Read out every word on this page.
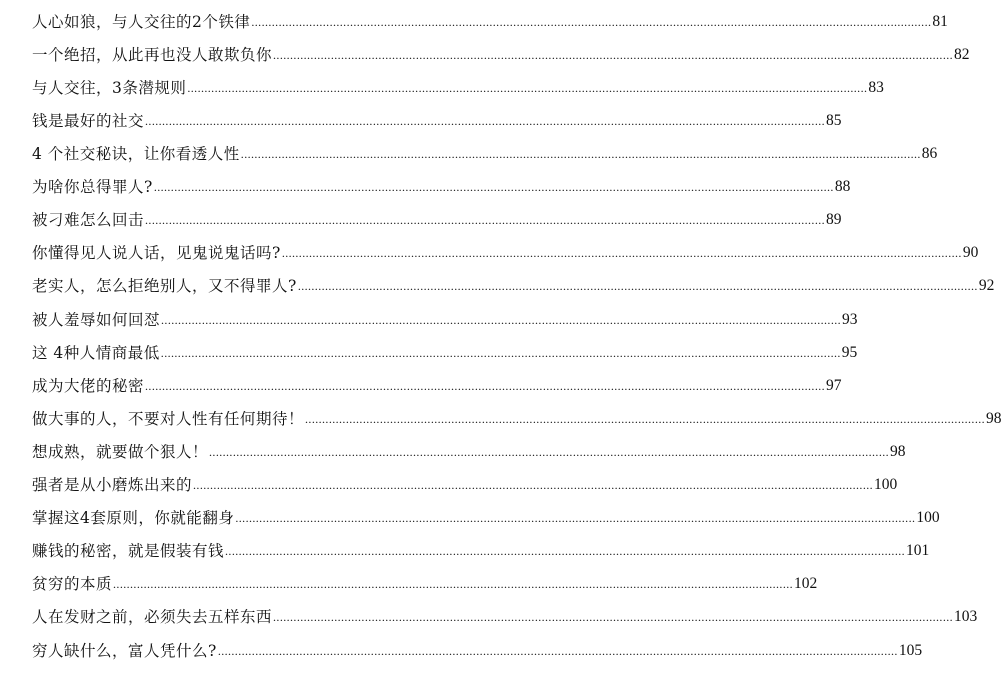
人心如狼，与人交往的2个铁律 ........................................................................................................................................................................................................ 81
一个绝招，从此再也没人敢欺负你 ........................................................................................................................................................................................................ 82
与人交往，3条潜规则 ........................................................................................................................................................................................................ 83
钱是最好的社交 ........................................................................................................................................................................................................ 85
4 个社交秘诀，让你看透人性 ........................................................................................................................................................................................................ 86
为啥你总得罪人? ........................................................................................................................................................................................................ 88
被刁难怎么回击 ........................................................................................................................................................................................................ 89
你懂得见人说人话，见鬼说鬼话吗? ........................................................................................................................................................................................................ 90
老实人，怎么拒绝别人，又不得罪人? ........................................................................................................................................................................................................ 92
被人羞辱如何回怼 ........................................................................................................................................................................................................ 93
这 4种人情商最低 ........................................................................................................................................................................................................ 95
成为大佬的秘密 ........................................................................................................................................................................................................ 97
做大事的人，不要对人性有任何期待！ ........................................................................................................................................................................................................ 98
想成熟，就要做个狠人！ ........................................................................................................................................................................................................ 98
强者是从小磨炼出来的 ........................................................................................................................................................................................................ 100
掌握这4套原则，你就能翻身 ........................................................................................................................................................................................................ 100
赚钱的秘密，就是假装有钱 ........................................................................................................................................................................................................ 101
贫穷的本质 ........................................................................................................................................................................................................ 102
人在发财之前，必须失去五样东西 ........................................................................................................................................................................................................ 103
穷人缺什么，富人凭什么? ........................................................................................................................................................................................................ 105
